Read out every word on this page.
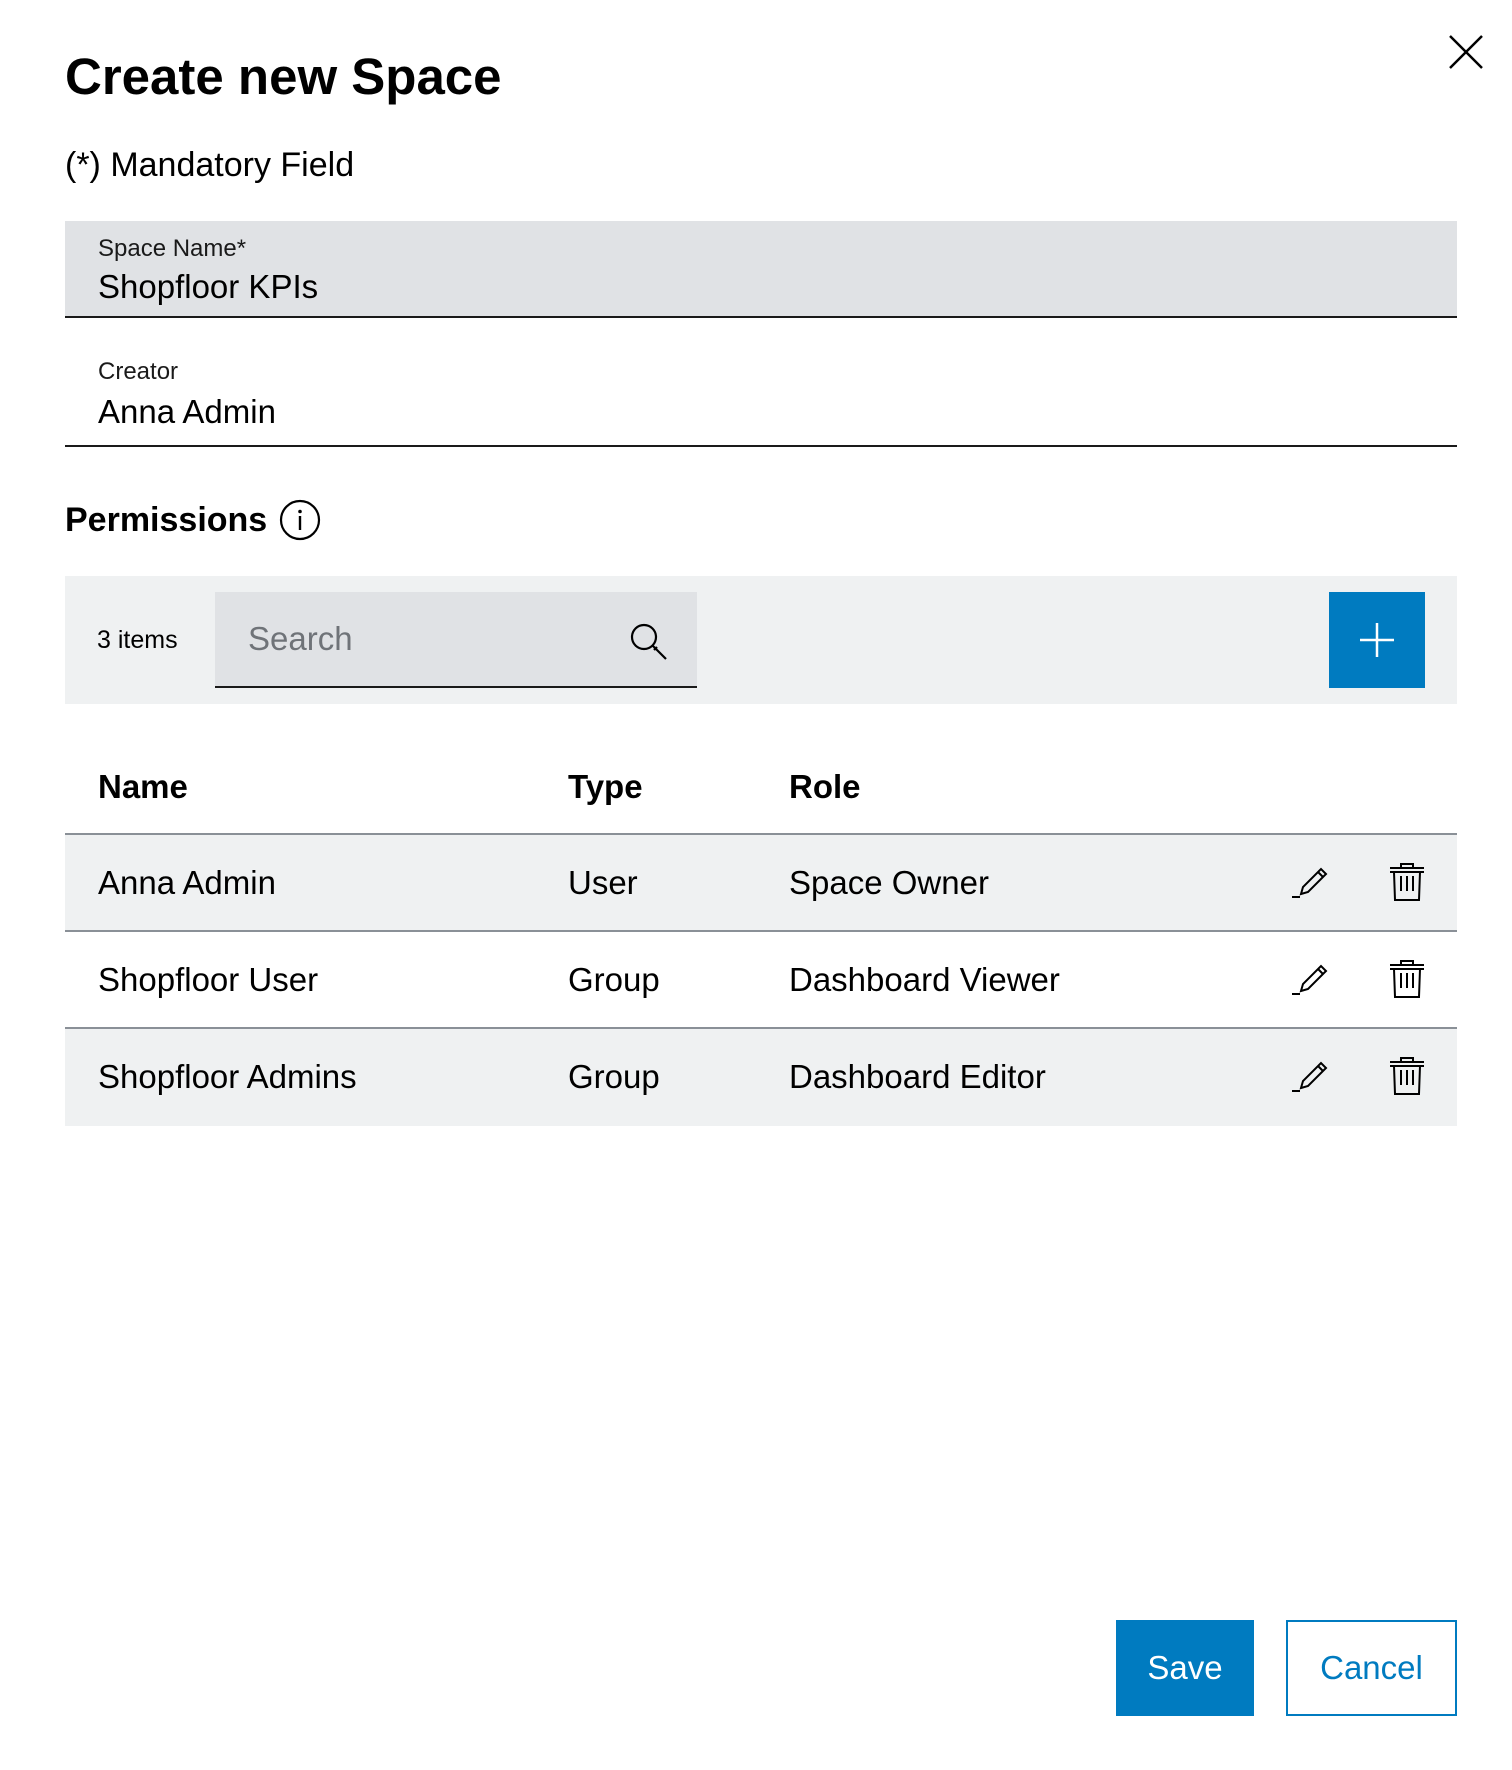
Create new Space
(*) Mandatory Field
Space Name*
Shopfloor KPIs
Creator
Anna Admin
Permissions
3 items
Search
Name	Type	Role
Anna Admin	User	Space Owner
Shopfloor User	Group	Dashboard Viewer
Shopfloor Admins	Group	Dashboard Editor
Save	Cancel
